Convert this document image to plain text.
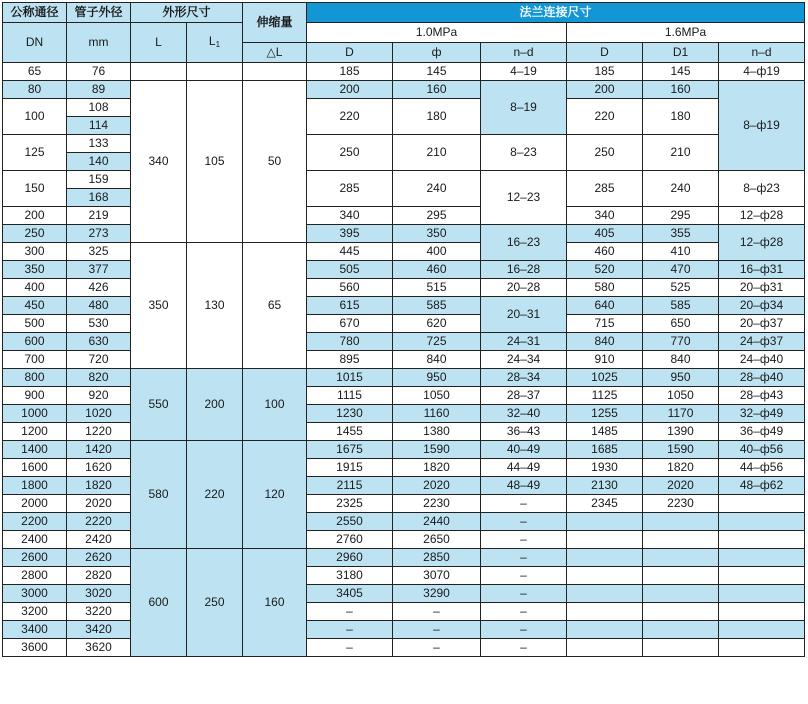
公称通径	管子外径	外形尺寸		伸缩量	法兰连接尺寸					
DN	mm	L	L1		1.0MPa			1.6MPa		
				△L	D	ф	n–d	D	D1	n–d
65	76				185	145	4–19	185	145	4–ф19
80	89	340	105	50	200	160	8–19	200	160	8–ф19
100	108				220	180		220	180	
	114									
125	133				250	210	8–23	250	210	
	140									
150	159				285	240	12–23	285	240	8–ф23
	168									
200	219				340	295		340	295	12–ф28
250	273				395	350	16–23	405	355	12–ф28
300	325	350	130	65	445	400		460	410	
350	377				505	460	16–28	520	470	16–ф31
400	426				560	515	20–28	580	525	20–ф31
450	480				615	585	20–31	640	585	20–ф34
500	530				670	620		715	650	20–ф37
600	630				780	725	24–31	840	770	24–ф37
700	720				895	840	24–34	910	840	24–ф40
800	820	550	200	100	1015	950	28–34	1025	950	28–ф40
900	920				1115	1050	28–37	1125	1050	28–ф43
1000	1020				1230	1160	32–40	1255	1170	32–ф49
1200	1220				1455	1380	36–43	1485	1390	36–ф49
1400	1420	580	220	120	1675	1590	40–49	1685	1590	40–ф56
1600	1620				1915	1820	44–49	1930	1820	44–ф56
1800	1820				2115	2020	48–49	2130	2020	48–ф62
2000	2020				2325	2230	–	2345	2230	
2200	2220				2550	2440	–			
2400	2420				2760	2650	–			
2600	2620	600	250	160	2960	2850	–			
2800	2820				3180	3070	–			
3000	3020				3405	3290	–			
3200	3220				–	–	–			
3400	3420				–	–	–			
3600	3620				–	–	–			
